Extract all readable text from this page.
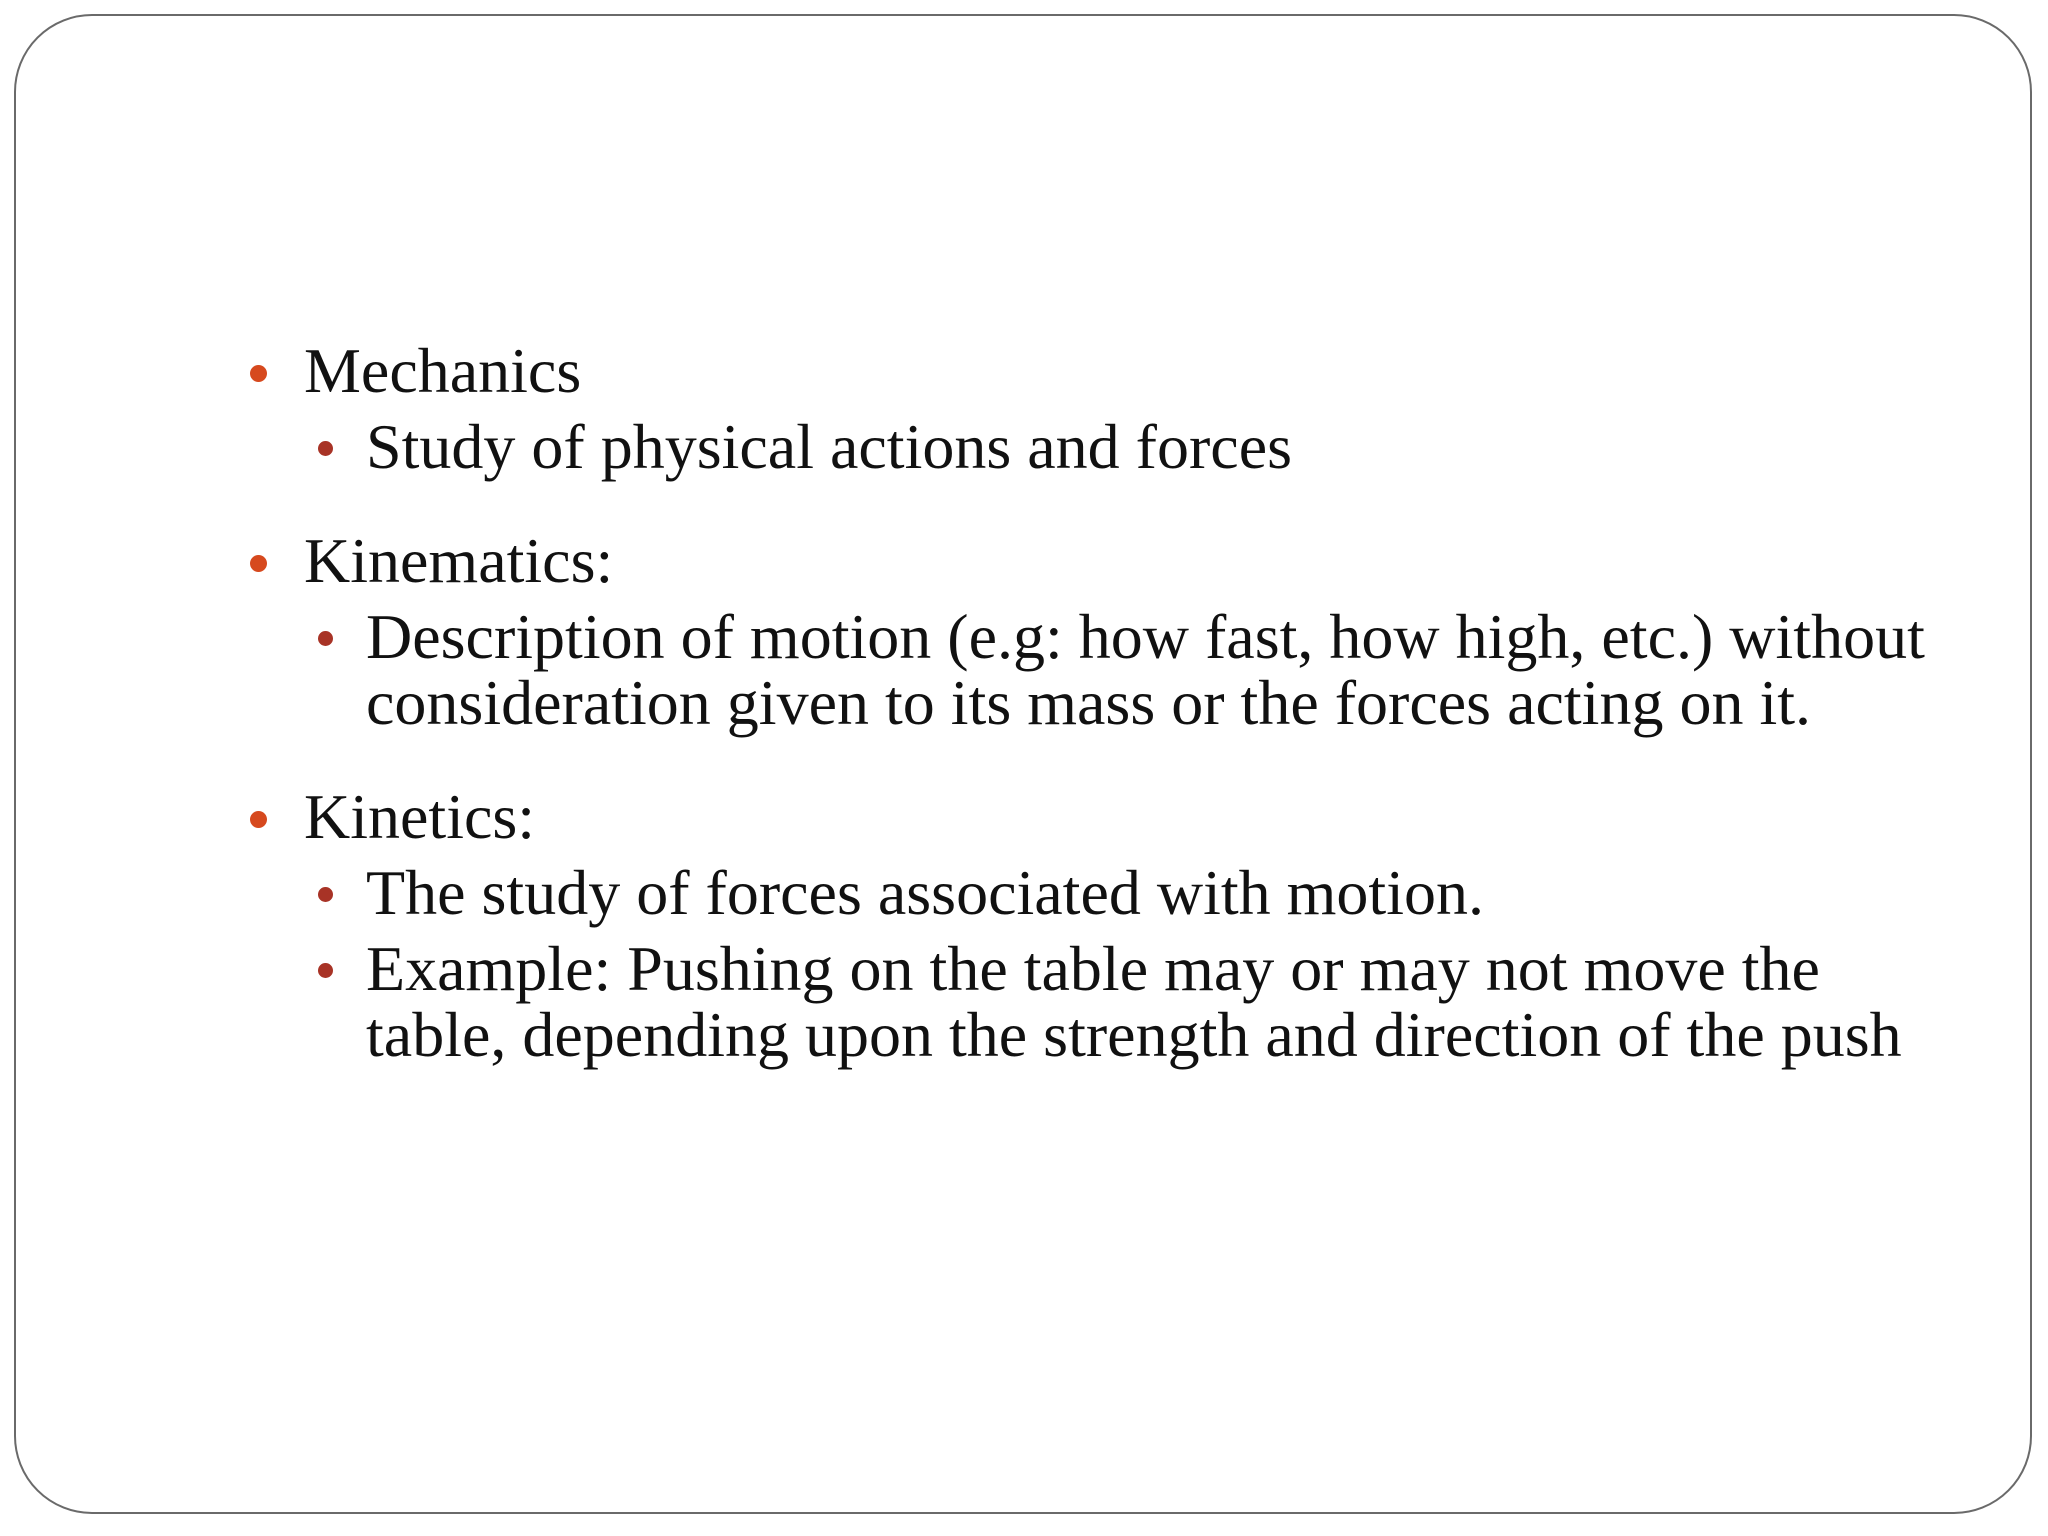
Mechanics
Study of physical actions and forces
Kinematics:
Description of motion (e.g: how fast, how high, etc.) without consideration given to its mass or the forces acting on it.
Kinetics:
The study of forces associated with motion.
Example: Pushing on the table may or may not move the table, depending upon the strength and direction of the push
